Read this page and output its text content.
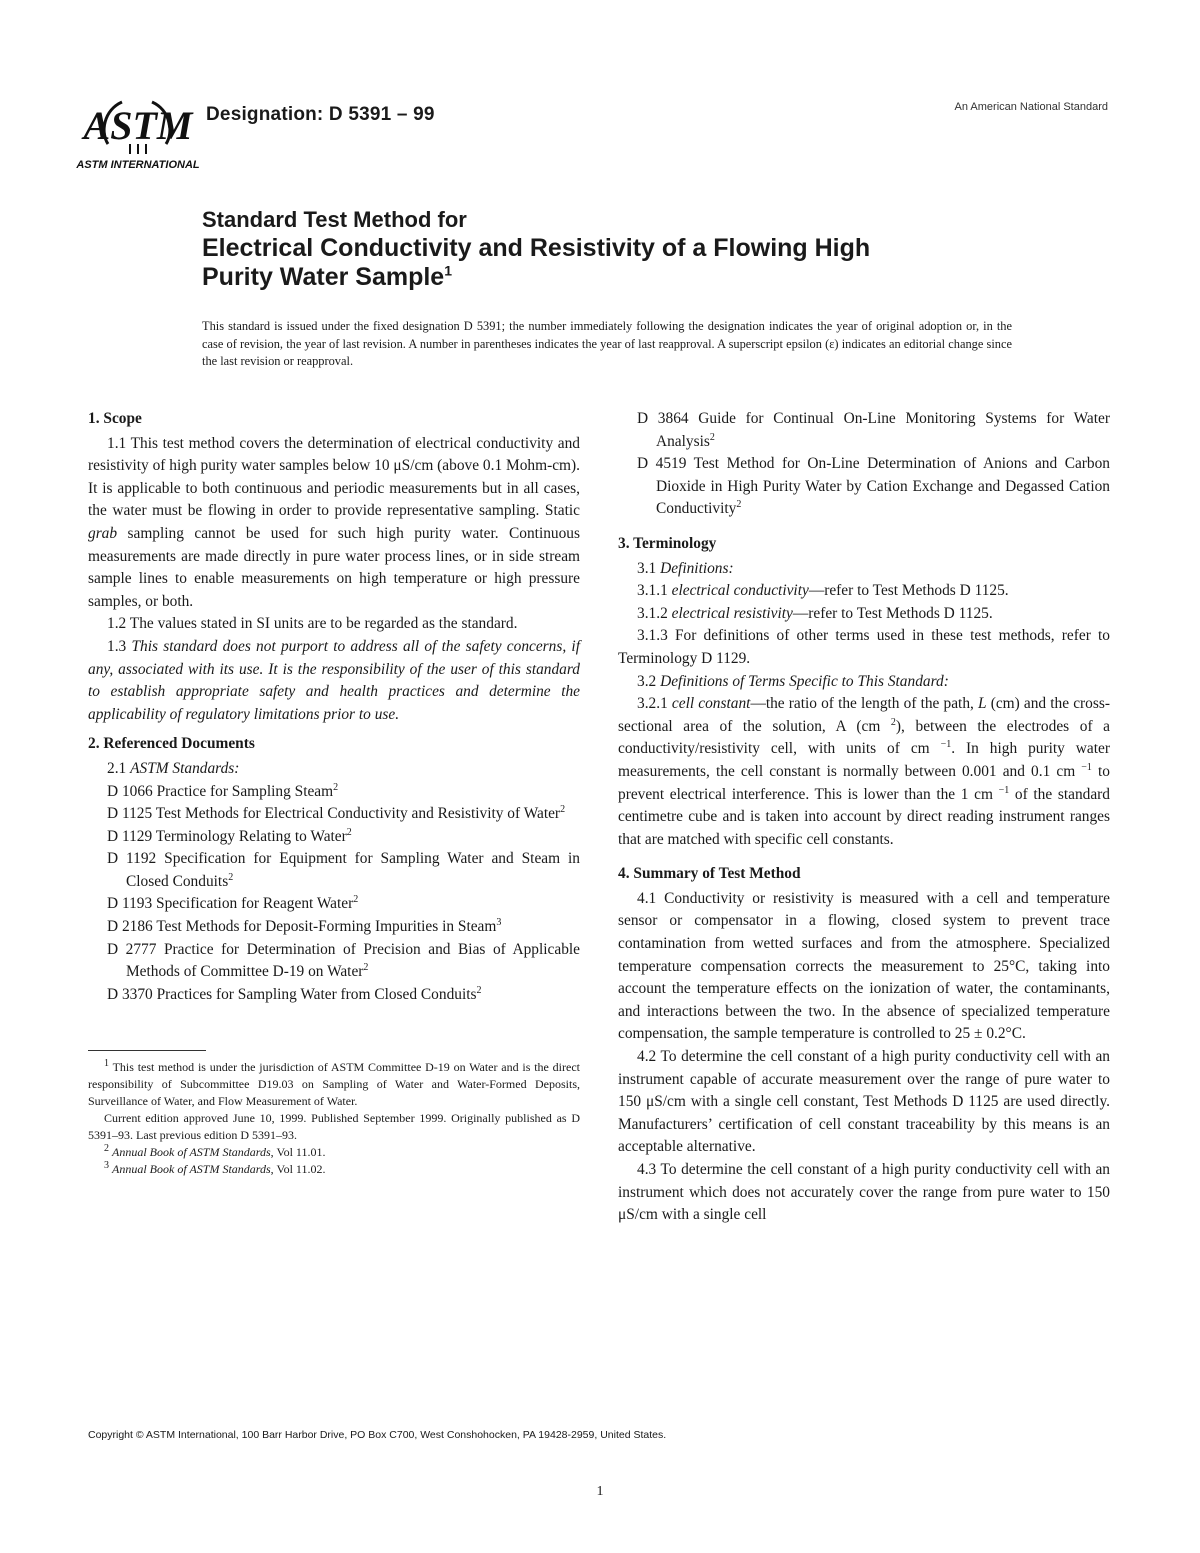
ASTM
ASTM INTERNATIONAL
Designation: D 5391 – 99	An American National Standard
Standard Test Method for
Electrical Conductivity and Resistivity of a Flowing High
Purity Water Sample$^1$
This standard is issued under the fixed designation D 5391; the number immediately following the designation indicates the year of original adoption or, in the case of revision, the year of last revision. A number in parentheses indicates the year of last reapproval. A superscript epsilon (ε) indicates an editorial change since the last revision or reapproval.

1. Scope

1.1 This test method covers the determination of electrical conductivity and resistivity of high purity water samples below 10 μS/cm (above 0.1 Mohm-cm). It is applicable to both continuous and periodic measurements but in all cases, the water must be flowing in order to provide representative sampling. Static grab sampling cannot be used for such high purity water. Continuous measurements are made directly in pure water process lines, or in side stream sample lines to enable measurements on high temperature or high pressure samples, or both.

1.2 The values stated in SI units are to be regarded as the standard.

1.3 This standard does not purport to address all of the safety concerns, if any, associated with its use. It is the responsibility of the user of this standard to establish appropriate safety and health practices and determine the applicability of regulatory limitations prior to use.

2. Referenced Documents

2.1 ASTM Standards:

D 1066 Practice for Sampling Steam$^2$

D 1125 Test Methods for Electrical Conductivity and Resistivity of Water$^2$

D 1129 Terminology Relating to Water$^2$

D 1192 Specification for Equipment for Sampling Water and Steam in Closed Conduits$^2$

D 1193 Specification for Reagent Water$^2$

D 2186 Test Methods for Deposit-Forming Impurities in Steam$^3$

D 2777 Practice for Determination of Precision and Bias of Applicable Methods of Committee D-19 on Water$^2$

D 3370 Practices for Sampling Water from Closed Conduits$^2$

$^1$ This test method is under the jurisdiction of ASTM Committee D-19 on Water and is the direct responsibility of Subcommittee D19.03 on Sampling of Water and Water-Formed Deposits, Surveillance of Water, and Flow Measurement of Water.

Current edition approved June 10, 1999. Published September 1999. Originally published as D 5391–93. Last previous edition D 5391–93.

$^2$ Annual Book of ASTM Standards, Vol 11.01.

$^3$ Annual Book of ASTM Standards, Vol 11.02.

D 3864 Guide for Continual On-Line Monitoring Systems for Water Analysis$^2$

D 4519 Test Method for On-Line Determination of Anions and Carbon Dioxide in High Purity Water by Cation Exchange and Degassed Cation Conductivity$^2$

3. Terminology

3.1 Definitions:

3.1.1 electrical conductivity—refer to Test Methods D 1125.

3.1.2 electrical resistivity—refer to Test Methods D 1125.

3.1.3 For definitions of other terms used in these test methods, refer to Terminology D 1129.

3.2 Definitions of Terms Specific to This Standard:

3.2.1 cell constant—the ratio of the length of the path, L (cm) and the cross-sectional area of the solution, A (cm $^2$), between the electrodes of a conductivity/resistivity cell, with units of cm $^{-1}$. In high purity water measurements, the cell constant is normally between 0.001 and 0.1 cm $^{-1}$ to prevent electrical interference. This is lower than the 1 cm $^{-1}$ of the standard centimetre cube and is taken into account by direct reading instrument ranges that are matched with specific cell constants.

4. Summary of Test Method

4.1 Conductivity or resistivity is measured with a cell and temperature sensor or compensator in a flowing, closed system to prevent trace contamination from wetted surfaces and from the atmosphere. Specialized temperature compensation corrects the measurement to 25°C, taking into account the temperature effects on the ionization of water, the contaminants, and interactions between the two. In the absence of specialized temperature compensation, the sample temperature is controlled to 25 ± 0.2°C.

4.2 To determine the cell constant of a high purity conductivity cell with an instrument capable of accurate measurement over the range of pure water to 150 μS/cm with a single cell constant, Test Methods D 1125 are used directly. Manufacturers’ certification of cell constant traceability by this means is an acceptable alternative.

4.3 To determine the cell constant of a high purity conductivity cell with an instrument which does not accurately cover the range from pure water to 150 μS/cm with a single cell

Copyright © ASTM International, 100 Barr Harbor Drive, PO Box C700, West Conshohocken, PA 19428-2959, United States.
1
